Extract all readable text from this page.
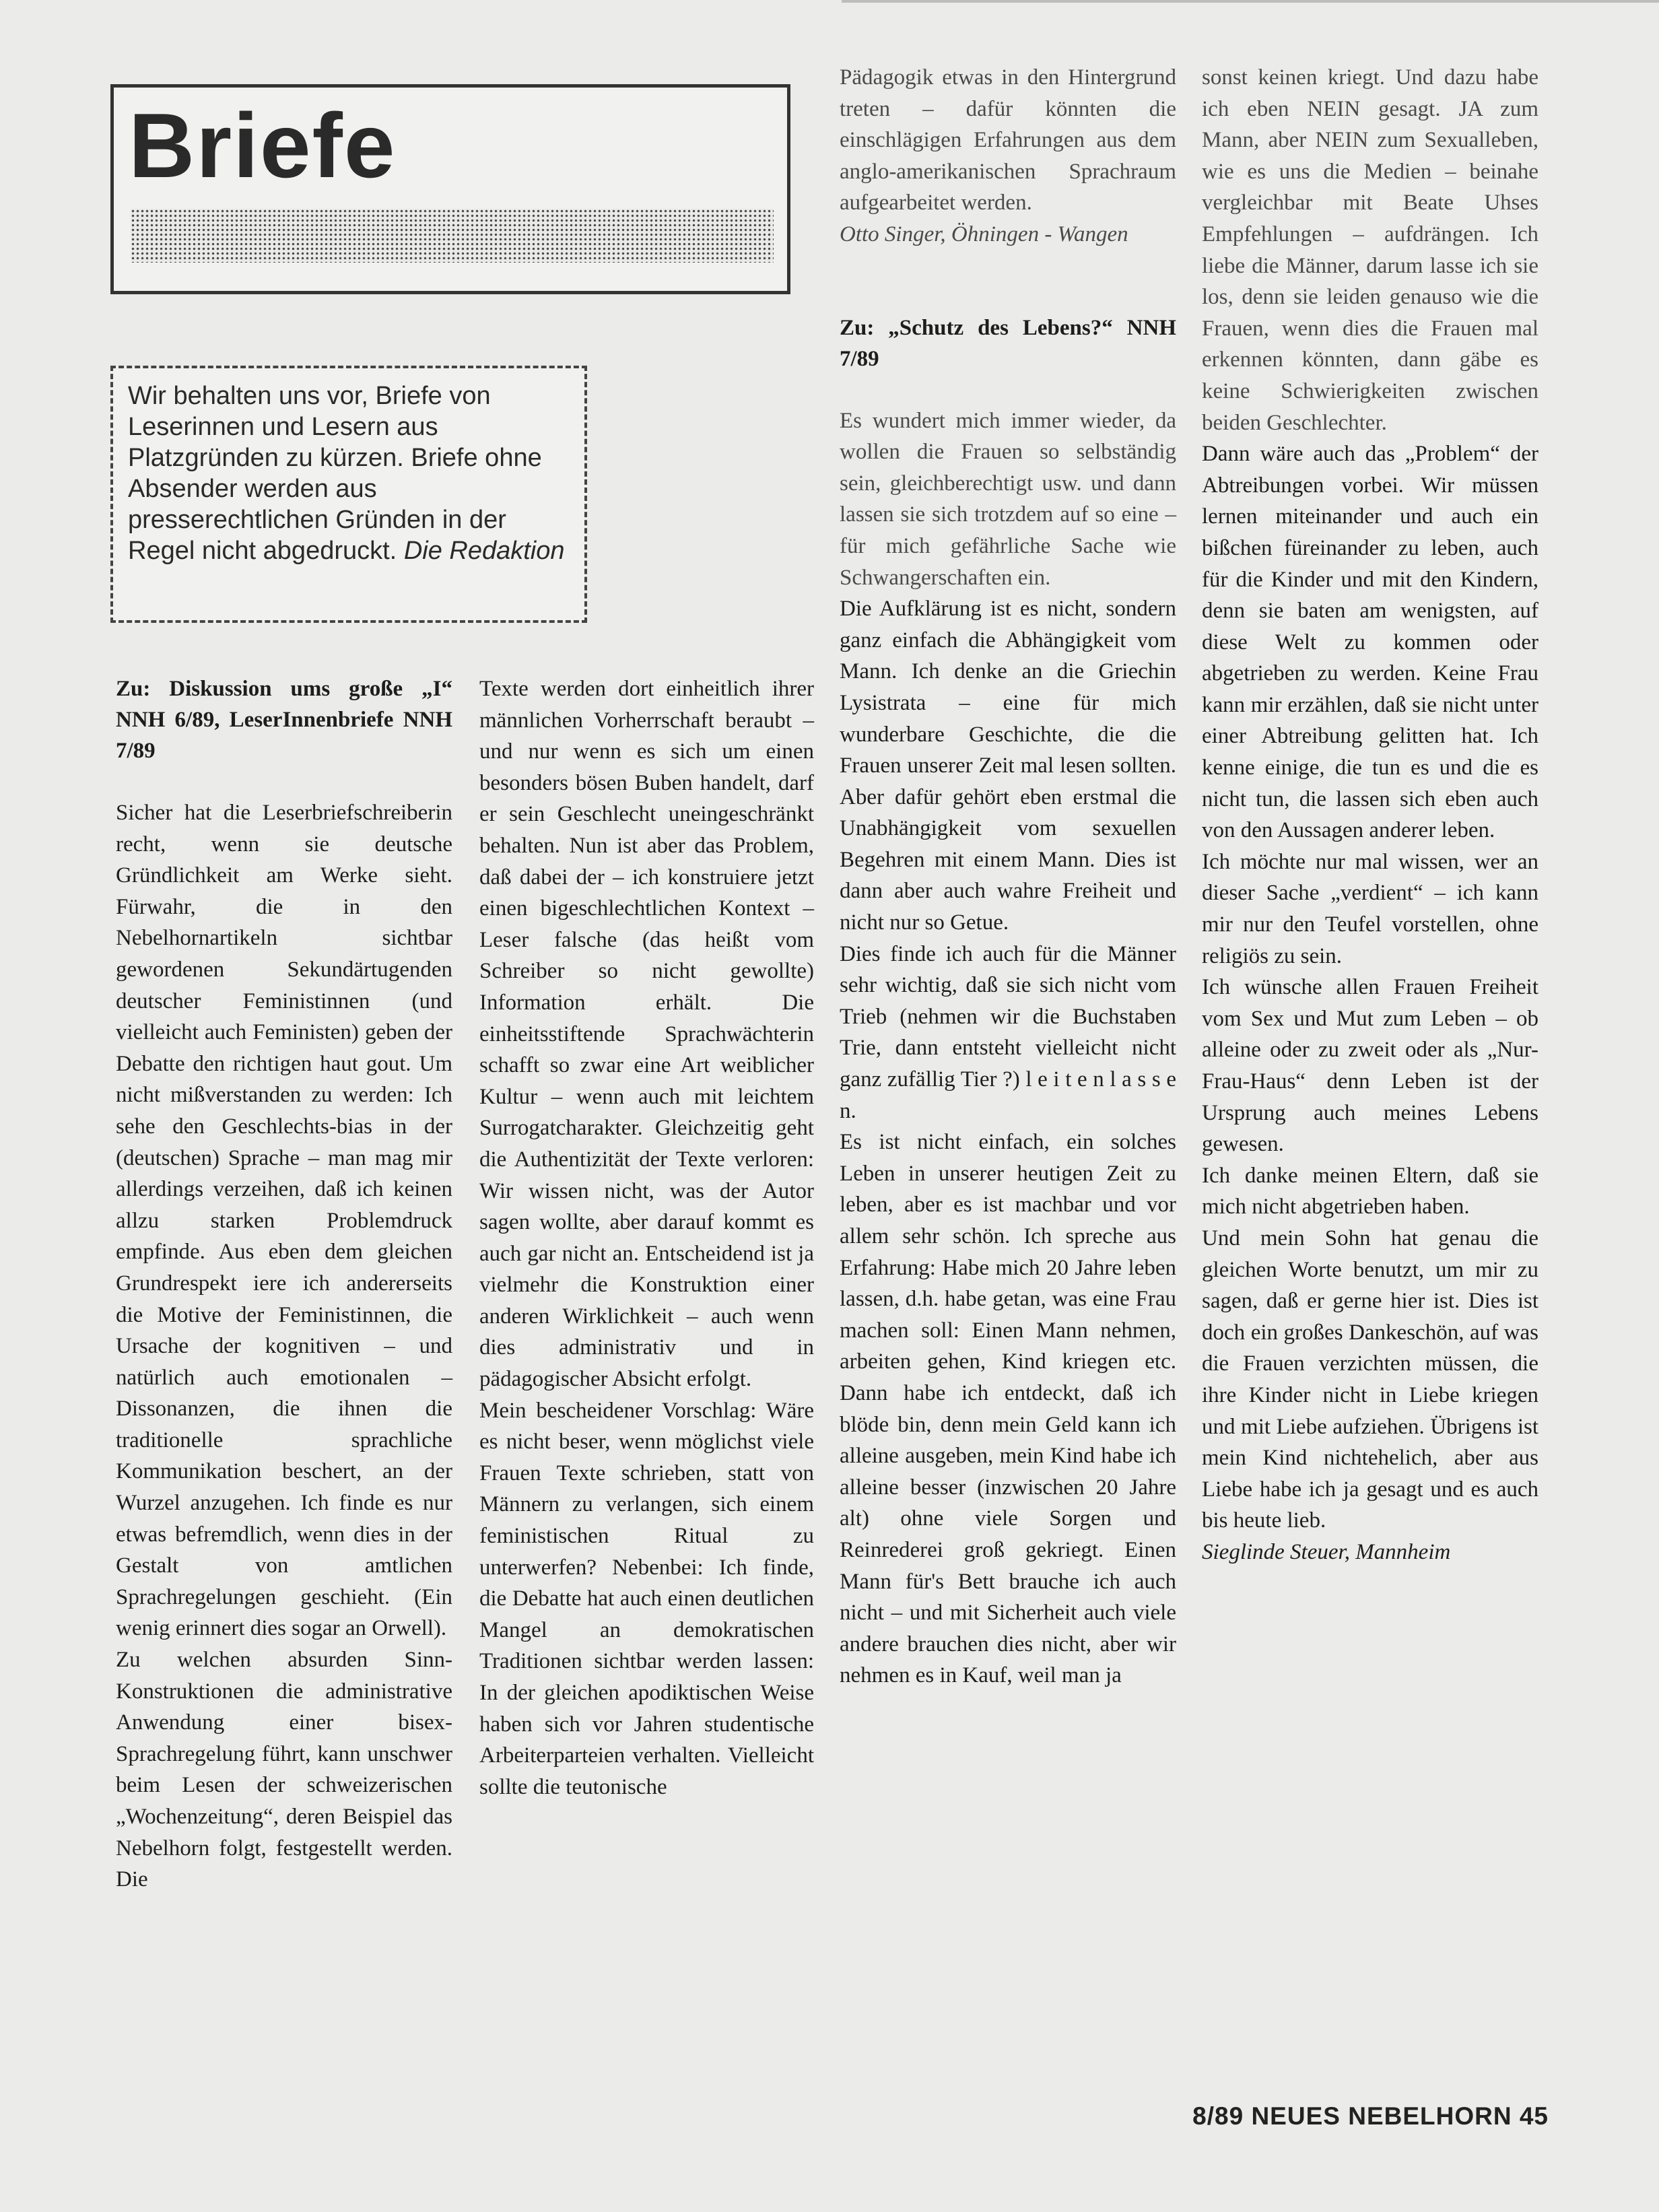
Briefe
Wir behalten uns vor, Briefe von Leserinnen und Lesern aus Platzgründen zu kürzen. Briefe ohne Absender werden aus presserechtlichen Gründen in der Regel nicht abgedruckt. Die Redaktion

Zu: Diskussion ums große „I“ NNH 6/89, LeserInnenbriefe NNH 7/89

Sicher hat die Leserbriefschreiberin recht, wenn sie deutsche Gründlichkeit am Werke sieht. Fürwahr, die in den Nebelhornartikeln sichtbar gewordenen Sekundärtugenden deutscher Feministinnen (und vielleicht auch Feministen) geben der Debatte den richtigen haut gout. Um nicht mißverstanden zu werden: Ich sehe den Geschlechts-bias in der (deutschen) Sprache – man mag mir allerdings verzeihen, daß ich keinen allzu starken Problemdruck empfinde. Aus eben dem gleichen Grundrespekt iere ich andererseits die Motive der Feministinnen, die Ursache der kognitiven – und natürlich auch emotionalen – Dissonanzen, die ihnen die traditionelle sprachliche Kommunikation beschert, an der Wurzel anzugehen. Ich finde es nur etwas befremdlich, wenn dies in der Gestalt von amtlichen Sprachregelungen geschieht. (Ein wenig erinnert dies sogar an Orwell).

Zu welchen absurden Sinn-Konstruktionen die administrative Anwendung einer bisex-Sprachregelung führt, kann unschwer beim Lesen der schweizerischen „Wochenzeitung“, deren Beispiel das Nebelhorn folgt, festgestellt werden. Die

Texte werden dort einheitlich ihrer männlichen Vorherrschaft beraubt – und nur wenn es sich um einen besonders bösen Buben handelt, darf er sein Geschlecht uneingeschränkt behalten. Nun ist aber das Problem, daß dabei der – ich konstruiere jetzt einen bigeschlechtlichen Kontext – Leser falsche (das heißt vom Schreiber so nicht gewollte) Information erhält. Die einheitsstiftende Sprachwächterin schafft so zwar eine Art weiblicher Kultur – wenn auch mit leichtem Surrogatcharakter. Gleichzeitig geht die Authentizität der Texte verloren: Wir wissen nicht, was der Autor sagen wollte, aber darauf kommt es auch gar nicht an. Entscheidend ist ja vielmehr die Konstruktion einer anderen Wirklichkeit – auch wenn dies administrativ und in pädagogischer Absicht erfolgt.

Mein bescheidener Vorschlag: Wäre es nicht beser, wenn möglichst viele Frauen Texte schrieben, statt von Männern zu verlangen, sich einem feministischen Ritual zu unterwerfen? Nebenbei: Ich finde, die Debatte hat auch einen deutlichen Mangel an demokratischen Traditionen sichtbar werden lassen: In der gleichen apodiktischen Weise haben sich vor Jahren studentische Arbeiterparteien verhalten. Vielleicht sollte die teutonische

Pädagogik etwas in den Hintergrund treten – dafür könnten die einschlägigen Erfahrungen aus dem anglo-amerikanischen Sprachraum aufgearbeitet werden.

Otto Singer, Öhningen - Wangen

Zu: „Schutz des Lebens?“ NNH 7/89

Es wundert mich immer wieder, da wollen die Frauen so selbständig sein, gleichberechtigt usw. und dann lassen sie sich trotzdem auf so eine – für mich gefährliche Sache wie Schwangerschaften ein.

Die Aufklärung ist es nicht, sondern ganz einfach die Abhängigkeit vom Mann. Ich denke an die Griechin Lysistrata – eine für mich wunderbare Geschichte, die die Frauen unserer Zeit mal lesen sollten. Aber dafür gehört eben erstmal die Unabhängigkeit vom sexuellen Begehren mit einem Mann. Dies ist dann aber auch wahre Freiheit und nicht nur so Getue.

Dies finde ich auch für die Männer sehr wichtig, daß sie sich nicht vom Trieb (nehmen wir die Buchstaben Trie, dann entsteht vielleicht nicht ganz zufällig Tier ?) l e i t e n l a s s e n.

Es ist nicht einfach, ein solches Leben in unserer heutigen Zeit zu leben, aber es ist machbar und vor allem sehr schön. Ich spreche aus Erfahrung: Habe mich 20 Jahre leben lassen, d.h. habe getan, was eine Frau machen soll: Einen Mann nehmen, arbeiten gehen, Kind kriegen etc. Dann habe ich entdeckt, daß ich blöde bin, denn mein Geld kann ich alleine ausgeben, mein Kind habe ich alleine besser (inzwischen 20 Jahre alt) ohne viele Sorgen und Reinrederei groß gekriegt. Einen Mann für's Bett brauche ich auch nicht – und mit Sicherheit auch viele andere brauchen dies nicht, aber wir nehmen es in Kauf, weil man ja

sonst keinen kriegt. Und dazu habe ich eben NEIN gesagt. JA zum Mann, aber NEIN zum Sexualleben, wie es uns die Medien – beinahe vergleichbar mit Beate Uhses Empfehlungen – aufdrängen. Ich liebe die Männer, darum lasse ich sie los, denn sie leiden genauso wie die Frauen, wenn dies die Frauen mal erkennen könnten, dann gäbe es keine Schwierigkeiten zwischen beiden Geschlechter.

Dann wäre auch das „Problem“ der Abtreibungen vorbei. Wir müssen lernen miteinander und auch ein bißchen füreinander zu leben, auch für die Kinder und mit den Kindern, denn sie baten am wenigsten, auf diese Welt zu kommen oder abgetrieben zu werden. Keine Frau kann mir erzählen, daß sie nicht unter einer Abtreibung gelitten hat. Ich kenne einige, die tun es und die es nicht tun, die lassen sich eben auch von den Aussagen anderer leben.

Ich möchte nur mal wissen, wer an dieser Sache „verdient“ – ich kann mir nur den Teufel vorstellen, ohne religiös zu sein.

Ich wünsche allen Frauen Freiheit vom Sex und Mut zum Leben – ob alleine oder zu zweit oder als „Nur-Frau-Haus“ denn Leben ist der Ursprung auch meines Lebens gewesen.

Ich danke meinen Eltern, daß sie mich nicht abgetrieben haben.

Und mein Sohn hat genau die gleichen Worte benutzt, um mir zu sagen, daß er gerne hier ist. Dies ist doch ein großes Dankeschön, auf was die Frauen verzichten müssen, die ihre Kinder nicht in Liebe kriegen und mit Liebe aufziehen. Übrigens ist mein Kind nichtehelich, aber aus Liebe habe ich ja gesagt und es auch bis heute lieb.

Sieglinde Steuer, Mannheim

8/89 NEUES NEBELHORN 45
